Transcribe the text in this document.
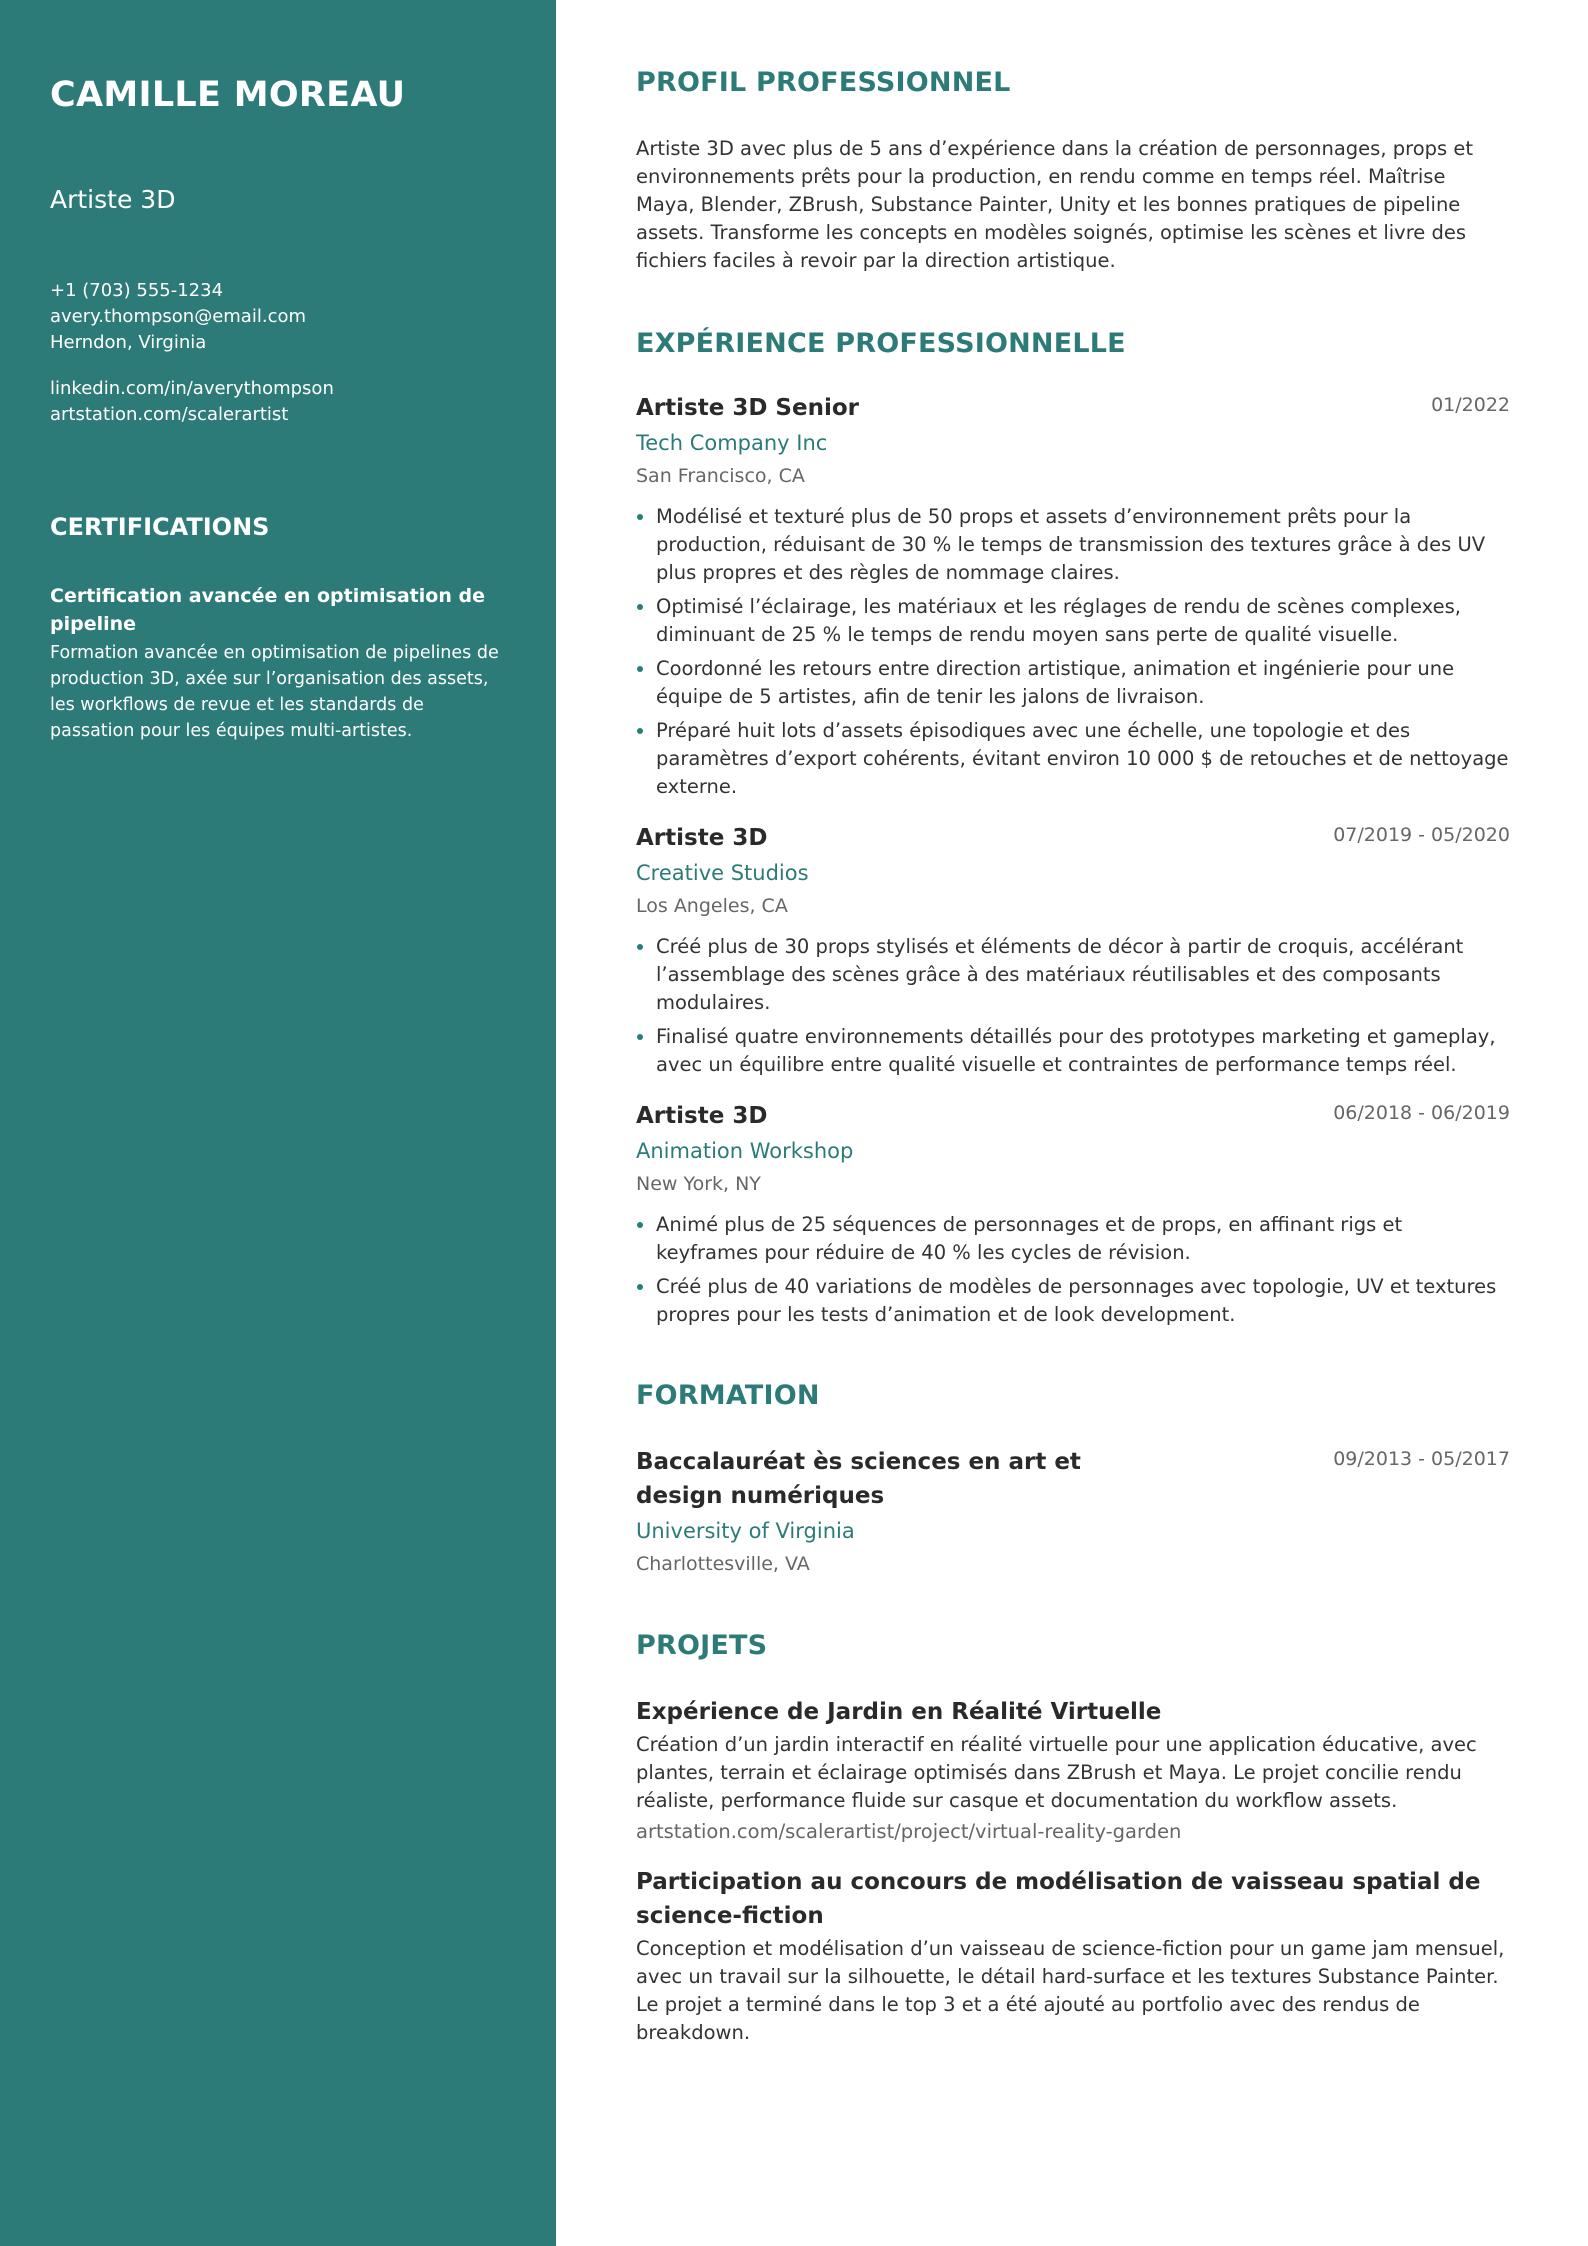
CAMILLE MOREAU

Artiste 3D

+1 (703) 555-1234
avery.thompson@email.com
Herndon, Virginia
linkedin.com/in/averythompson
artstation.com/scalerartist
CERTIFICATIONS
Certification avancée en optimisation de pipeline
Formation avancée en optimisation de pipelines de production 3D, axée sur l’organisation des assets, les workflows de revue et les standards de passation pour les équipes multi-artistes.
PROFIL PROFESSIONNEL

Artiste 3D avec plus de 5 ans d’expérience dans la création de personnages, props et environnements prêts pour la production, en rendu comme en temps réel. Maîtrise Maya, Blender, ZBrush, Substance Painter, Unity et les bonnes pratiques de pipeline assets. Transforme les concepts en modèles soignés, optimise les scènes et livre des fichiers faciles à revoir par la direction artistique.

EXPÉRIENCE PROFESSIONNELLE
Artiste 3D Senior	01/2022
Tech Company Inc
San Francisco, CA
Modélisé et texturé plus de 50 props et assets d’environnement prêts pour la production, réduisant de 30 % le temps de transmission des textures grâce à des UV plus propres et des règles de nommage claires.
Optimisé l’éclairage, les matériaux et les réglages de rendu de scènes complexes, diminuant de 25 % le temps de rendu moyen sans perte de qualité visuelle.
Coordonné les retours entre direction artistique, animation et ingénierie pour une équipe de 5 artistes, afin de tenir les jalons de livraison.
Préparé huit lots d’assets épisodiques avec une échelle, une topologie et des paramètres d’export cohérents, évitant environ 10 000 $ de retouches et de nettoyage externe.
Artiste 3D	07/2019 - 05/2020
Creative Studios
Los Angeles, CA
Créé plus de 30 props stylisés et éléments de décor à partir de croquis, accélérant l’assemblage des scènes grâce à des matériaux réutilisables et des composants modulaires.
Finalisé quatre environnements détaillés pour des prototypes marketing et gameplay, avec un équilibre entre qualité visuelle et contraintes de performance temps réel.
Artiste 3D	06/2018 - 06/2019
Animation Workshop
New York, NY
Animé plus de 25 séquences de personnages et de props, en affinant rigs et keyframes pour réduire de 40 % les cycles de révision.
Créé plus de 40 variations de modèles de personnages avec topologie, UV et textures propres pour les tests d’animation et de look development.
FORMATION
Baccalauréat ès sciences en art et design numériques
09/2013 - 05/2017
University of Virginia
Charlottesville, VA
PROJETS
Expérience de Jardin en Réalité Virtuelle
Création d’un jardin interactif en réalité virtuelle pour une application éducative, avec plantes, terrain et éclairage optimisés dans ZBrush et Maya. Le projet concilie rendu réaliste, performance fluide sur casque et documentation du workflow assets.
artstation.com/scalerartist/project/virtual-reality-garden
Participation au concours de modélisation de vaisseau spatial de science-fiction
Conception et modélisation d’un vaisseau de science-fiction pour un game jam mensuel, avec un travail sur la silhouette, le détail hard-surface et les textures Substance Painter. Le projet a terminé dans le top 3 et a été ajouté au portfolio avec des rendus de breakdown.
